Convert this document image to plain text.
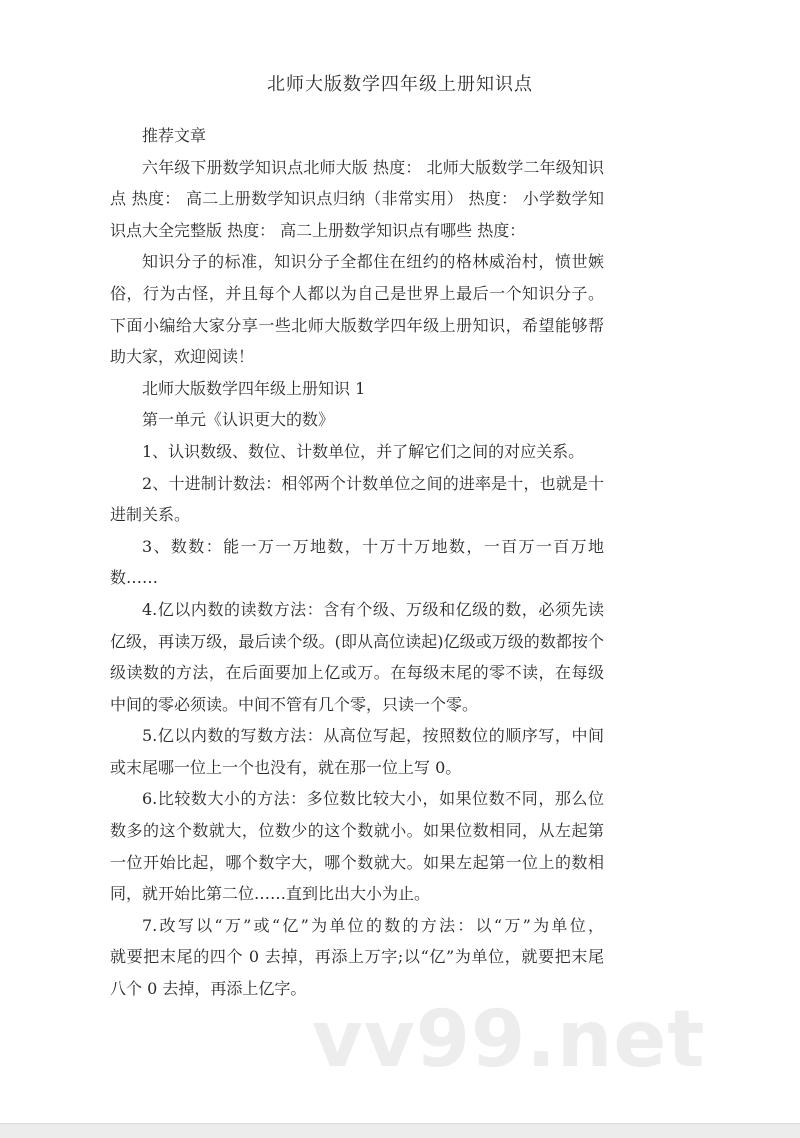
北师大版数学四年级上册知识点
推荐文章
六年级下册数学知识点北师大版 热度： 北师大版数学二年级知识
点 热度： 高二上册数学知识点归纳（非常实用） 热度： 小学数学知
识点大全完整版 热度： 高二上册数学知识点有哪些 热度：
知识分子的标准，知识分子全都住在纽约的格林威治村，愤世嫉
俗，行为古怪，并且每个人都以为自己是世界上最后一个知识分子。
下面小编给大家分享一些北师大版数学四年级上册知识，希望能够帮
助大家，欢迎阅读！
北师大版数学四年级上册知识 1
第一单元《认识更大的数》
1、认识数级、数位、计数单位，并了解它们之间的对应关系。
2、十进制计数法：相邻两个计数单位之间的进率是十，也就是十
进制关系。
3、数数：能一万一万地数，十万十万地数，一百万一百万地
数……
4.亿以内数的读数方法：含有个级、万级和亿级的数，必须先读
亿级，再读万级，最后读个级。(即从高位读起)亿级或万级的数都按个
级读数的方法，在后面要加上亿或万。在每级末尾的零不读，在每级
中间的零必须读。中间不管有几个零，只读一个零。
5.亿以内数的写数方法：从高位写起，按照数位的顺序写，中间
或末尾哪一位上一个也没有，就在那一位上写 0。
6.比较数大小的方法：多位数比较大小，如果位数不同，那么位
数多的这个数就大，位数少的这个数就小。如果位数相同，从左起第
一位开始比起，哪个数字大，哪个数就大。如果左起第一位上的数相
同，就开始比第二位……直到比出大小为止。
7.改写以“万”或“亿”为单位的数的方法：以“万”为单位，
就要把末尾的四个 0 去掉，再添上万字;以“亿”为单位，就要把末尾
八个 0 去掉，再添上亿字。
vv99.net
